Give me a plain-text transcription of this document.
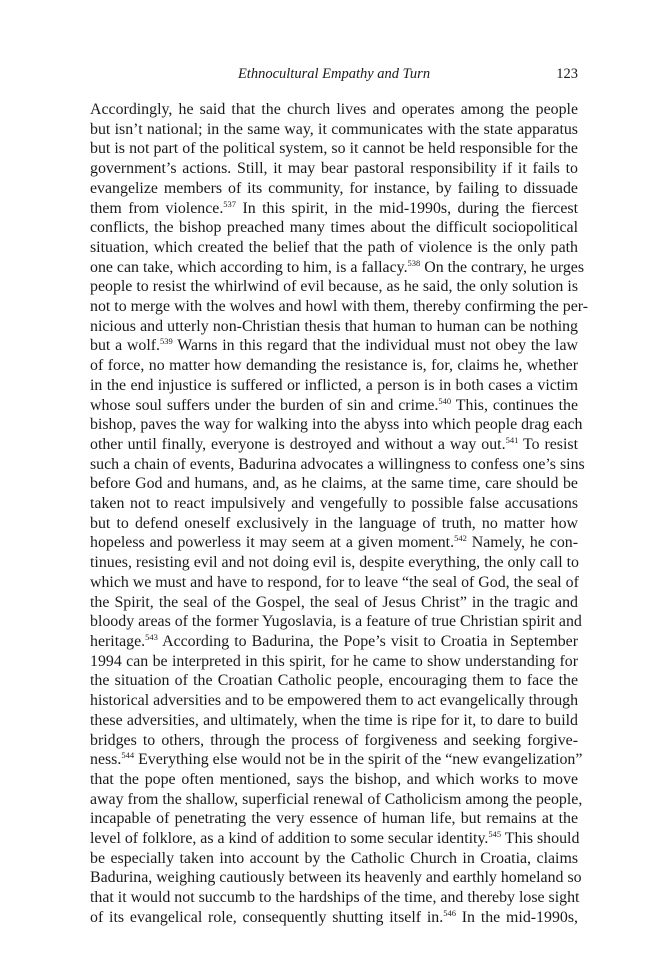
Ethnocultural Empathy and Turn	123
Accordingly, he said that the church lives and operates among the people
but isn’t national; in the same way, it communicates with the state apparatus
but is not part of the political system, so it cannot be held responsible for the
government’s actions. Still, it may bear pastoral responsibility if it fails to
evangelize members of its community, for instance, by failing to dissuade
them from violence.$^{537}$ In this spirit, in the mid-1990s, during the fiercest
conflicts, the bishop preached many times about the difficult sociopolitical
situation, which created the belief that the path of violence is the only path
one can take, which according to him, is a fallacy.$^{538}$ On the contrary, he urges
people to resist the whirlwind of evil because, as he said, the only solution is
not to merge with the wolves and howl with them, thereby confirming the per-
nicious and utterly non-Christian thesis that human to human can be nothing
but a wolf.$^{539}$ Warns in this regard that the individual must not obey the law
of force, no matter how demanding the resistance is, for, claims he, whether
in the end injustice is suffered or inflicted, a person is in both cases a victim
whose soul suffers under the burden of sin and crime.$^{540}$ This, continues the
bishop, paves the way for walking into the abyss into which people drag each
other until finally, everyone is destroyed and without a way out.$^{541}$ To resist
such a chain of events, Badurina advocates a willingness to confess one’s sins
before God and humans, and, as he claims, at the same time, care should be
taken not to react impulsively and vengefully to possible false accusations
but to defend oneself exclusively in the language of truth, no matter how
hopeless and powerless it may seem at a given moment.$^{542}$ Namely, he con-
tinues, resisting evil and not doing evil is, despite everything, the only call to
which we must and have to respond, for to leave “the seal of God, the seal of
the Spirit, the seal of the Gospel, the seal of Jesus Christ” in the tragic and
bloody areas of the former Yugoslavia, is a feature of true Christian spirit and
heritage.$^{543}$ According to Badurina, the Pope’s visit to Croatia in September
1994 can be interpreted in this spirit, for he came to show understanding for
the situation of the Croatian Catholic people, encouraging them to face the
historical adversities and to be empowered them to act evangelically through
these adversities, and ultimately, when the time is ripe for it, to dare to build
bridges to others, through the process of forgiveness and seeking forgive-
ness.$^{544}$ Everything else would not be in the spirit of the “new evangelization”
that the pope often mentioned, says the bishop, and which works to move
away from the shallow, superficial renewal of Catholicism among the people,
incapable of penetrating the very essence of human life, but remains at the
level of folklore, as a kind of addition to some secular identity.$^{545}$ This should
be especially taken into account by the Catholic Church in Croatia, claims
Badurina, weighing cautiously between its heavenly and earthly homeland so
that it would not succumb to the hardships of the time, and thereby lose sight
of its evangelical role, consequently shutting itself in.$^{546}$ In the mid-1990s,
